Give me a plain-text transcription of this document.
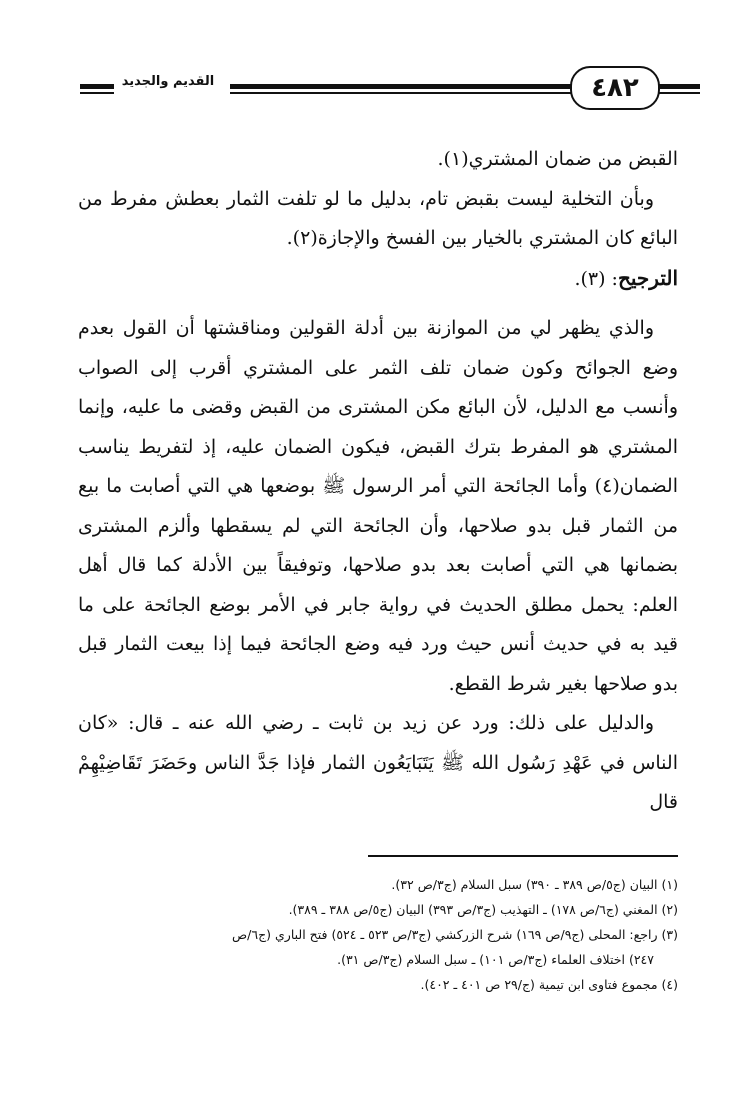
٤٨٢
القديم والجديد

القبض من ضمان المشتري(١).

وبأن التخلية ليست بقبض تام، بدليل ما لو تلفت الثمار بعطش مفرط من البائع كان المشتري بالخيار بين الفسخ والإجازة(٢).

الترجيح: (٣).

والذي يظهر لي من الموازنة بين أدلة القولين ومناقشتها أن القول بعدم وضع الجوائح وكون ضمان تلف الثمر على المشتري أقرب إلى الصواب وأنسب مع الدليل، لأن البائع مكن المشترى من القبض وقضى ما عليه، وإنما المشتري هو المفرط بترك القبض، فيكون الضمان عليه، إذ لتفريط يناسب الضمان(٤) وأما الجائحة التي أمر الرسول ﷺ بوضعها هي التي أصابت ما بيع من الثمار قبل بدو صلاحها، وأن الجائحة التي لم يسقطها وألزم المشترى بضمانها هي التي أصابت بعد بدو صلاحها، وتوفيقاً بين الأدلة كما قال أهل العلم: يحمل مطلق الحديث في رواية جابر في الأمر بوضع الجائحة على ما قيد به في حديث أنس حيث ورد فيه وضع الجائحة فيما إذا بيعت الثمار قبل بدو صلاحها بغير شرط القطع.

والدليل على ذلك: ورد عن زيد بن ثابت ـ رضي الله عنه ـ قال: «كان الناس في عَهْدِ رَسُول الله ﷺ يَتَبَايَعُون الثمار فإذا جَدَّ الناس وحَضَرَ تَقَاضِيْهِمْ قال

(١) البيان (ج٥/ص ٣٨٩ ـ ٣٩٠) سبل السلام (ج٣/ص ٣٢).

(٢) المغني (ج٦/ص ١٧٨) ـ التهذيب (ج٣/ص ٣٩٣) البيان (ج٥/ص ٣٨٨ ـ ٣٨٩).

(٣) راجع: المحلى (ج٩/ص ١٦٩) شرح الزركشي (ج٣/ص ٥٢٣ ـ ٥٢٤) فتح الباري (ج٦/ص

٢٤٧) اختلاف العلماء (ج٣/ص ١٠١) ـ سبل السلام (ج٣/ص ٣١).

(٤) مجموع فتاوى ابن تيمية (ج/٢٩ ص ٤٠١ ـ ٤٠٢).
